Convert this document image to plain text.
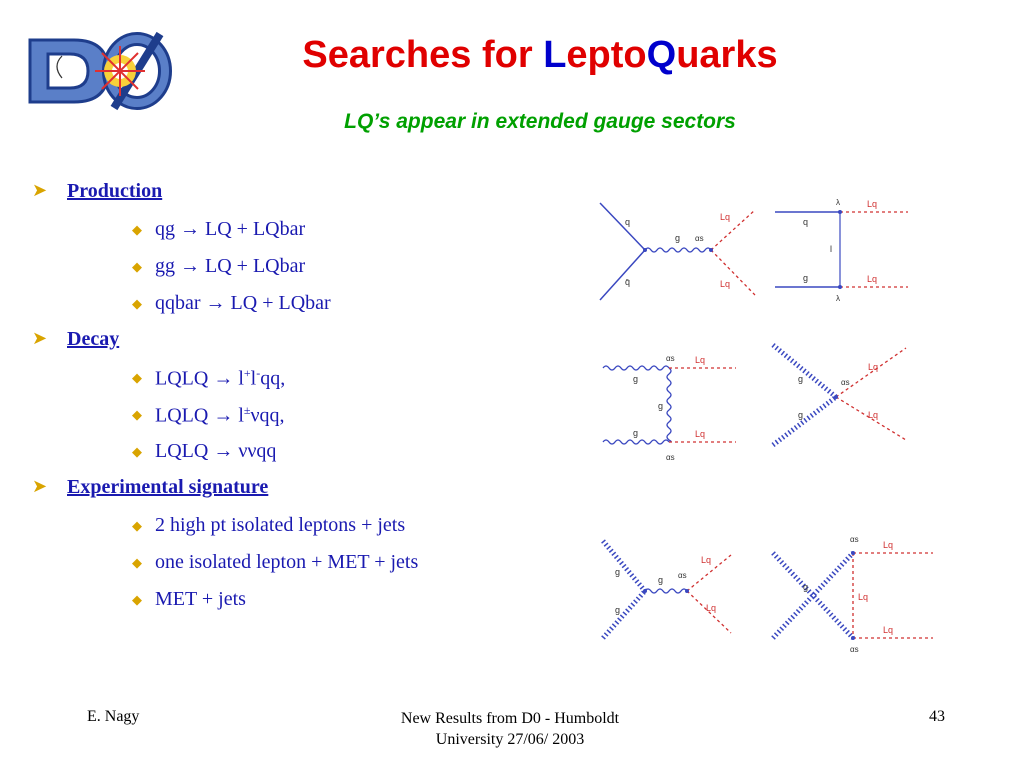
Searches for LeptoQuarks
LQ’s appear in extended gauge sectors
➤ Production
◆ qg → LQ + LQbar
◆ gg → LQ + LQbar
◆ qqbar → LQ + LQbar
➤ Decay
◆ LQLQ → l+l-qq,
◆ LQLQ → l±νqq,
◆ LQLQ → ννqq
➤ Experimental signature
◆ 2 high pt isolated leptons + jets
◆ one isolated lepton + MET + jets
◆ MET + jets
q
q̄
g αs
Lq
Lq
λ
λ
q
g
l
Lq
Lq
αs
αs
g
g
g
Lq
Lq
g
g
αs
Lq
Lq
g
g
g αs
Lq
Lq
αs
αs
g
Lq
Lq
Lq
E. Nagy	New Results from D0 - Humboldt
University 27/06/ 2003
43
